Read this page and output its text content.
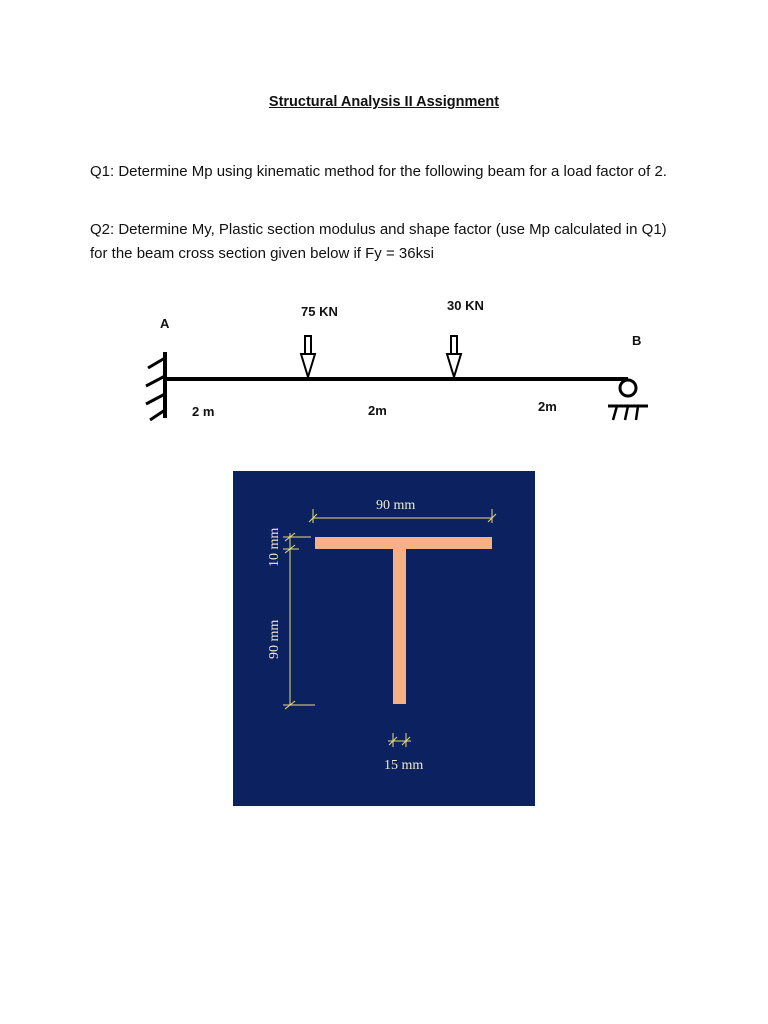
Structural Analysis II Assignment
Q1: Determine Mp using kinematic method for the following beam for a load factor of 2.
Q2: Determine My, Plastic section modulus and shape factor (use Mp calculated in Q1) for the beam cross section given below if Fy = 36ksi
A
B
75 KN	30 KN
2 m	2m	2m
90 mm
10 mm
90 mm
15 mm
